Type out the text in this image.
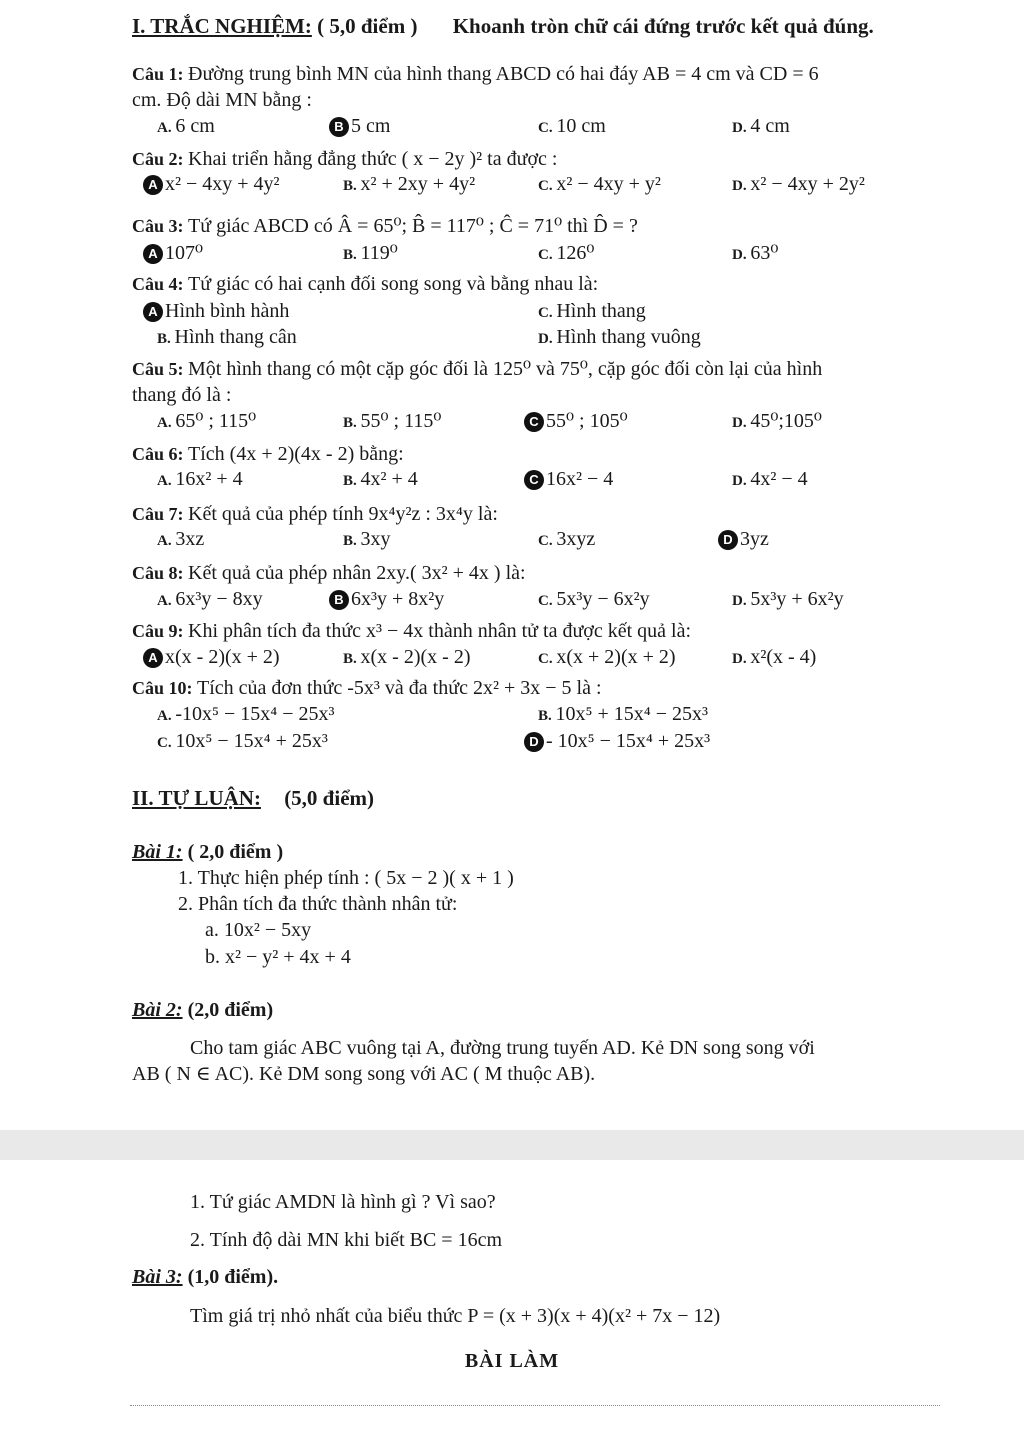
I. TRẮC NGHIỆM: ( 5,0 điểm ) Khoanh tròn chữ cái đứng trước kết quả đúng.
Câu 1: Đường trung bình MN của hình thang ABCD có hai đáy AB = 4 cm và CD = 6
cm. Độ dài MN bằng :
A. 6 cm	B 5 cm	C. 10 cm	D. 4 cm
Câu 2: Khai triển hằng đẳng thức ( x − 2y )² ta được :
A x² − 4xy + 4y²	B. x² + 2xy + 4y²	C. x² − 4xy + y²	D. x² − 4xy + 2y²
Câu 3: Tứ giác ABCD có Â = 65⁰; B̂ = 117⁰ ; Ĉ = 71⁰ thì D̂ = ?
A 107⁰	B. 119⁰	C. 126⁰	D. 63⁰
Câu 4: Tứ giác có hai cạnh đối song song và bằng nhau là:
A Hình bình hành	C. Hình thang
B. Hình thang cân	D. Hình thang vuông
Câu 5: Một hình thang có một cặp góc đối là 125⁰ và 75⁰, cặp góc đối còn lại của hình
thang đó là :
A. 65⁰ ; 115⁰	B. 55⁰ ; 115⁰	C 55⁰ ; 105⁰	D. 45⁰;105⁰
Câu 6: Tích (4x + 2)(4x - 2) bằng:
A. 16x² + 4	B. 4x² + 4	C 16x² − 4	D. 4x² − 4
Câu 7: Kết quả của phép tính 9x⁴y²z : 3x⁴y là:
A. 3xz	B. 3xy	C. 3xyz	D 3yz
Câu 8: Kết quả của phép nhân 2xy.( 3x² + 4x ) là:
A. 6x³y − 8xy	B 6x³y + 8x²y	C. 5x³y − 6x²y	D. 5x³y + 6x²y
Câu 9: Khi phân tích đa thức x³ − 4x thành nhân tử ta được kết quả là:
A x(x - 2)(x + 2)	B. x(x - 2)(x - 2)	C. x(x + 2)(x + 2)	D. x²(x - 4)
Câu 10: Tích của đơn thức -5x³ và đa thức 2x² + 3x − 5 là :
A. -10x⁵ − 15x⁴ − 25x³	B. 10x⁵ + 15x⁴ − 25x³
C. 10x⁵ − 15x⁴ + 25x³	D - 10x⁵ − 15x⁴ + 25x³
II. TỰ LUẬN: (5,0 điểm)
Bài 1: ( 2,0 điểm )
1. Thực hiện phép tính : ( 5x − 2 )( x + 1 )
2. Phân tích đa thức thành nhân tử:
a. 10x² − 5xy
b. x² − y² + 4x + 4
Bài 2: (2,0 điểm)
Cho tam giác ABC vuông tại A, đường trung tuyến AD. Kẻ DN song song với
AB ( N ∈ AC). Kẻ DM song song với AC ( M thuộc AB).
1. Tứ giác AMDN là hình gì ? Vì sao?
2. Tính độ dài MN khi biết BC = 16cm
Bài 3: (1,0 điểm).
Tìm giá trị nhỏ nhất của biểu thức P = (x + 3)(x + 4)(x² + 7x − 12)
BÀI LÀM
